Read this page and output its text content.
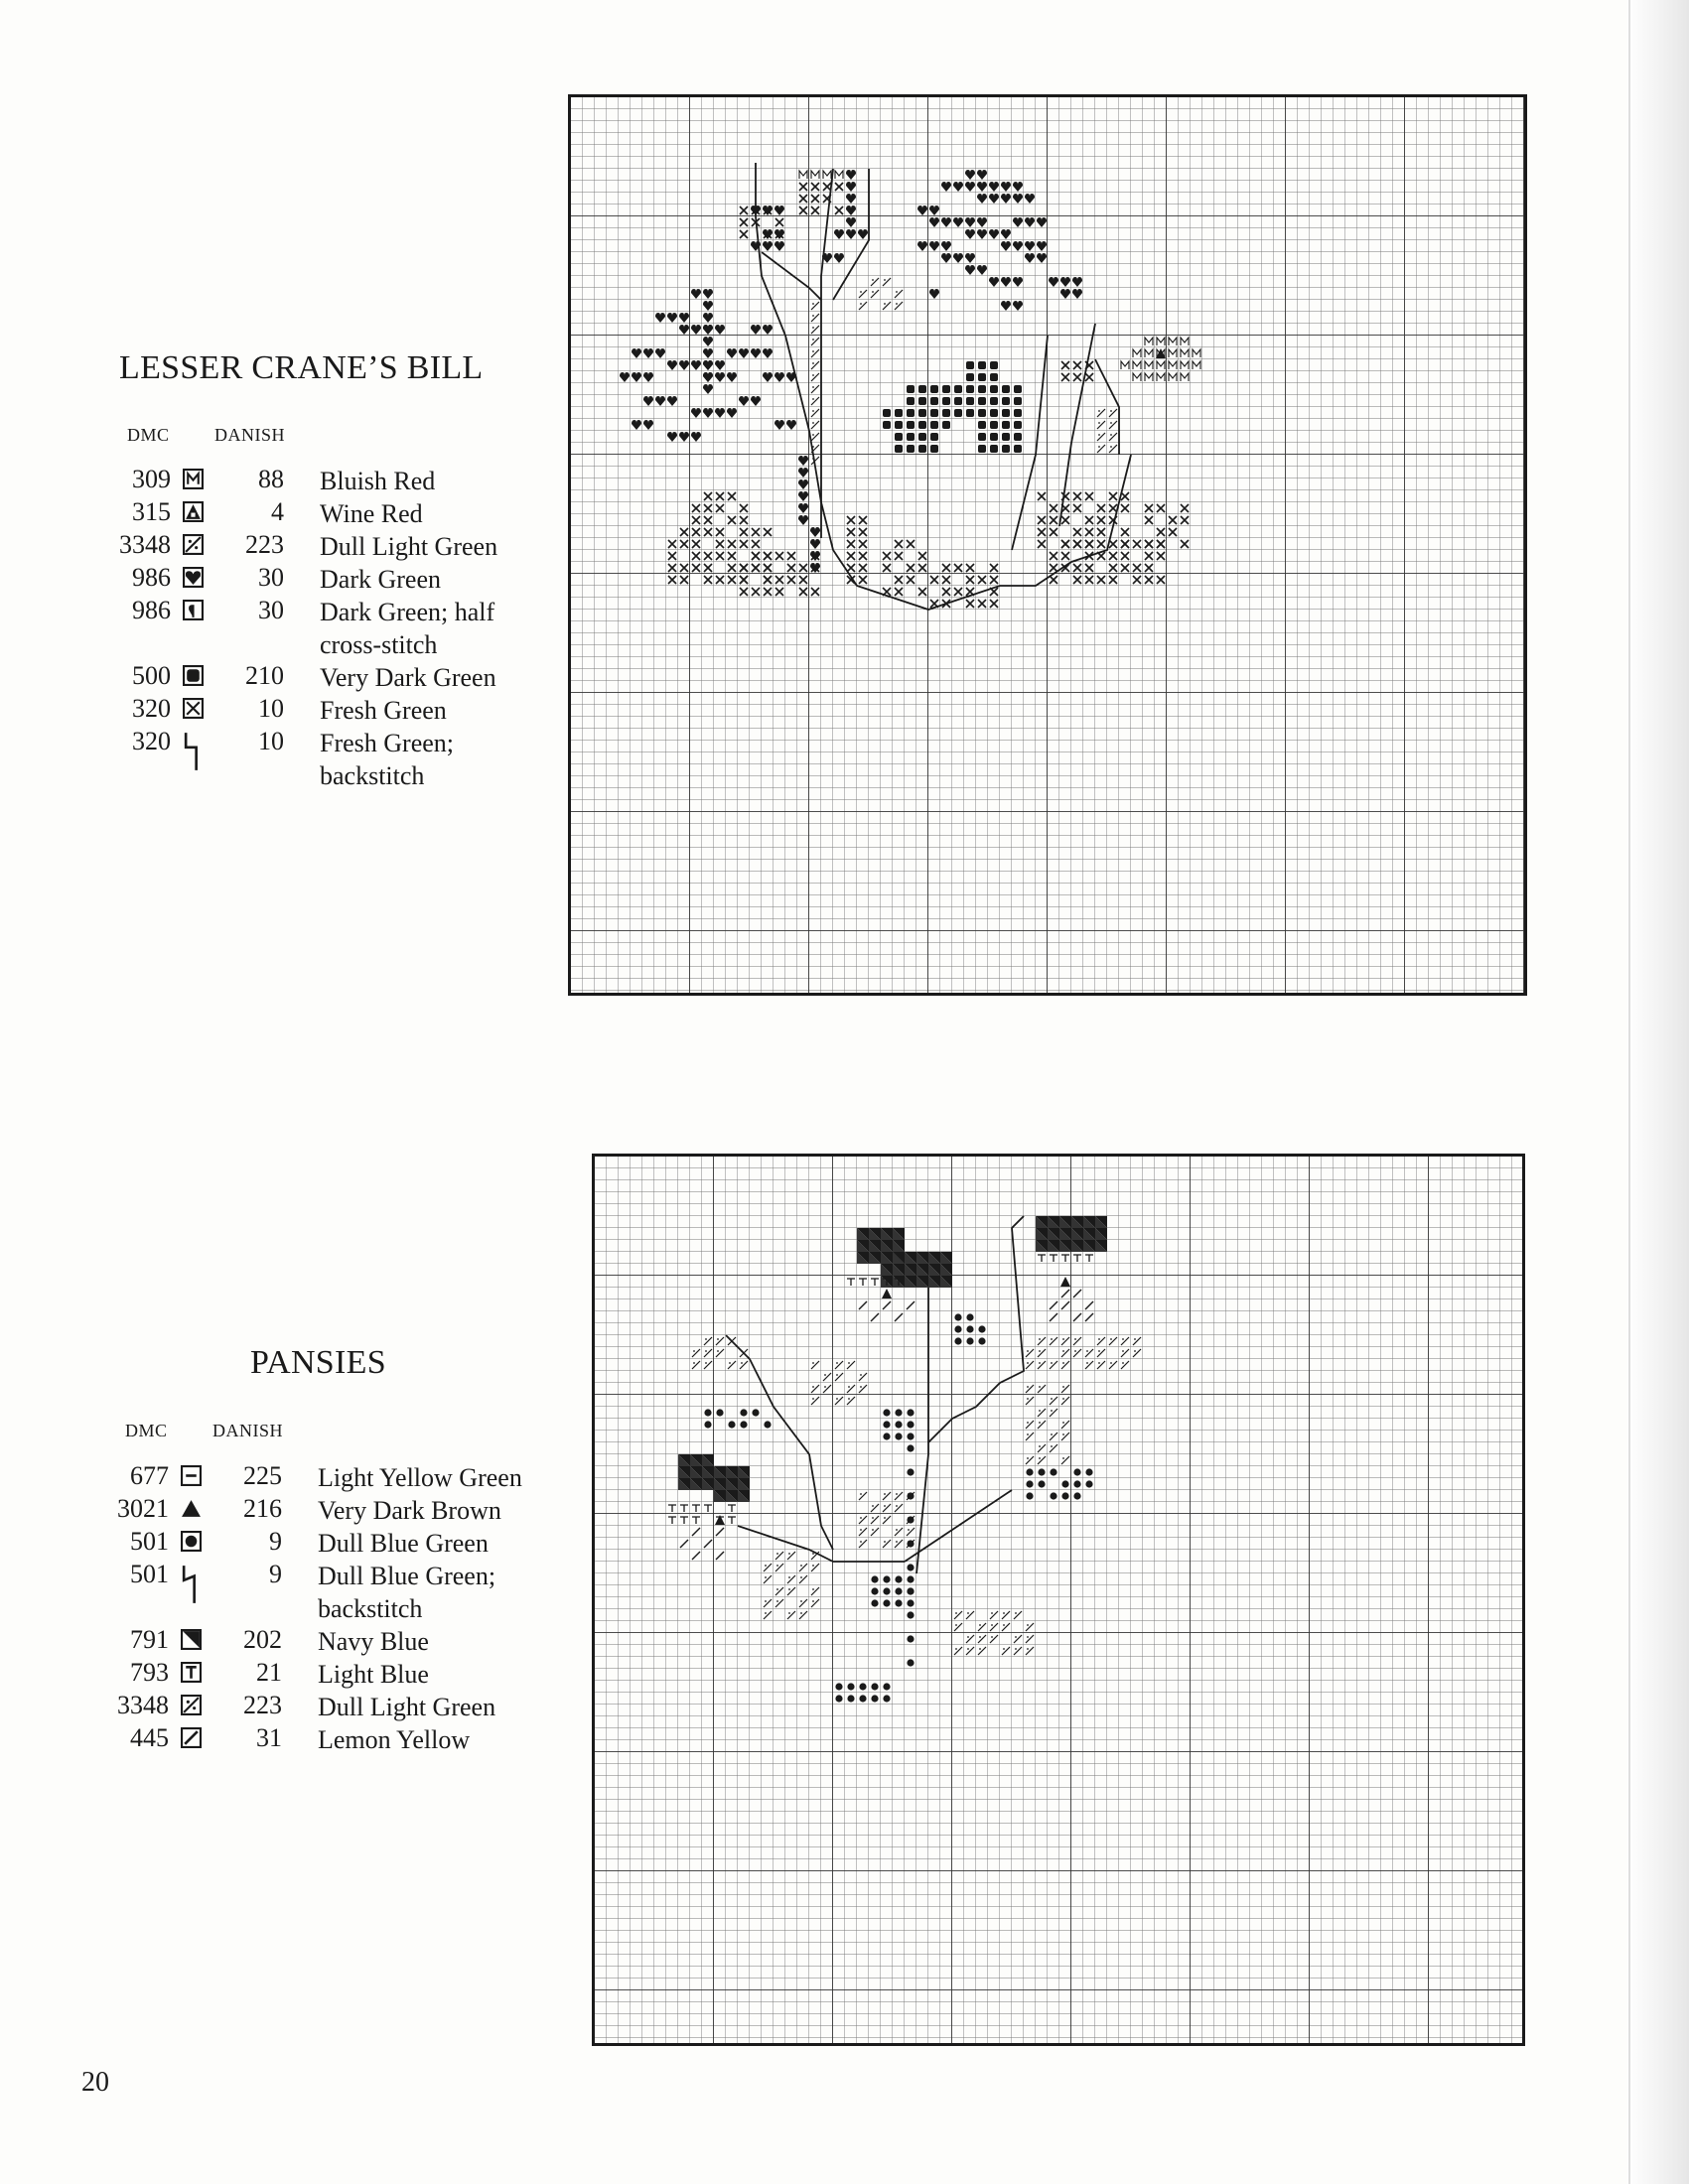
LESSER CRANE’S BILL
DMC	DANISH
309	88 Bluish Red
315	4 Wine Red
3348	223 Dull Light Green
986	30 Dark Green
986	30 Dark Green; half cross-stitch
500	210 Very Dark Green
320	10 Fresh Green
320	10 Fresh Green; backstitch
PANSIES
DMC	DANISH
677	225 Light Yellow Green
3021	216 Very Dark Brown
501	9 Dull Blue Green
501	9 Dull Blue Green; backstitch
791	202 Navy Blue
793	21 Light Blue
3348	223 Dull Light Green
445	31 Lemon Yellow
20
